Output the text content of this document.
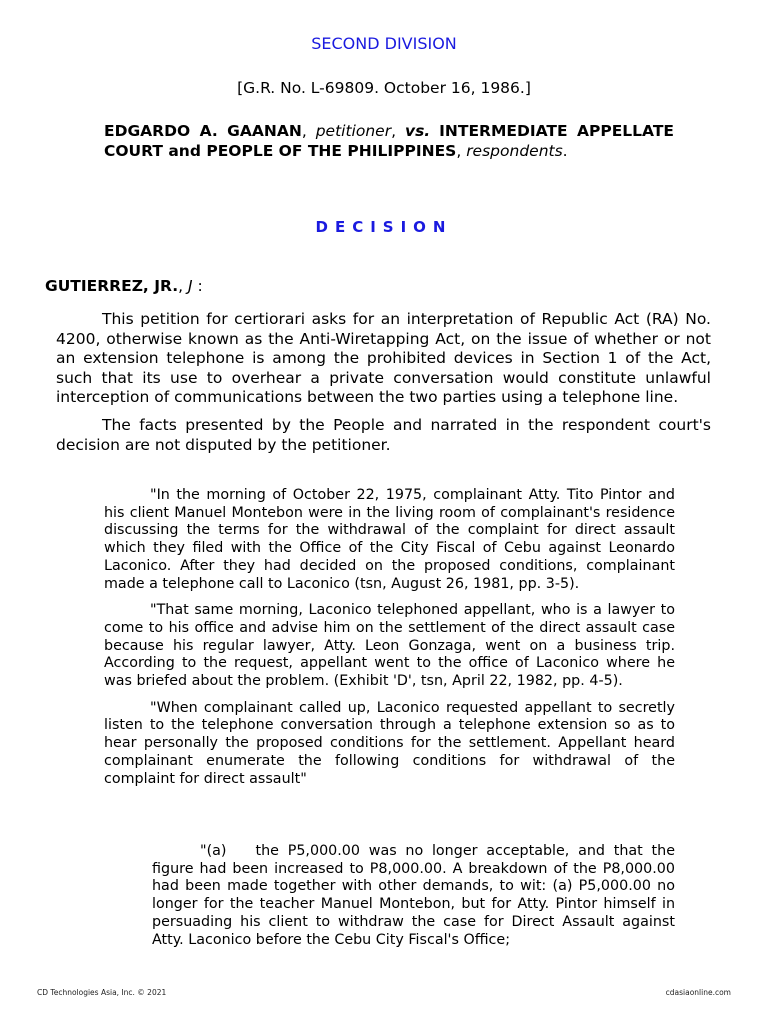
SECOND DIVISION
[G.R. No. L-69809. October 16, 1986.]
EDGARDO A. GAANAN, petitioner, vs. INTERMEDIATE APPELLATE COURT and PEOPLE OF THE PHILIPPINES, respondents.
DECISION
GUTIERREZ, JR., J :

This petition for certiorari asks for an interpretation of Republic Act (RA) No. 4200, otherwise known as the Anti-Wiretapping Act, on the issue of whether or not an extension telephone is among the prohibited devices in Section 1 of the Act, such that its use to overhear a private conversation would constitute unlawful interception of communications between the two parties using a telephone line.

The facts presented by the People and narrated in the respondent court's decision are not disputed by the petitioner.

"In the morning of October 22, 1975, complainant Atty. Tito Pintor and his client Manuel Montebon were in the living room of complainant's residence discussing the terms for the withdrawal of the complaint for direct assault which they filed with the Office of the City Fiscal of Cebu against Leonardo Laconico. After they had decided on the proposed conditions, complainant made a telephone call to Laconico (tsn, August 26, 1981, pp. 3-5).

"That same morning, Laconico telephoned appellant, who is a lawyer to come to his office and advise him on the settlement of the direct assault case because his regular lawyer, Atty. Leon Gonzaga, went on a business trip. According to the request, appellant went to the office of Laconico where he was briefed about the problem. (Exhibit 'D', tsn, April 22, 1982, pp. 4-5).

"When complainant called up, Laconico requested appellant to secretly listen to the telephone conversation through a telephone extension so as to hear personally the proposed conditions for the settlement. Appellant heard complainant enumerate the following conditions for withdrawal of the complaint for direct assault"

"(a) the P5,000.00 was no longer acceptable, and that the figure had been increased to P8,000.00. A breakdown of the P8,000.00 had been made together with other demands, to wit: (a) P5,000.00 no longer for the teacher Manuel Montebon, but for Atty. Pintor himself in persuading his client to withdraw the case for Direct Assault against Atty. Laconico before the Cebu City Fiscal's Office;

CD Technologies Asia, Inc. © 2021	cdasiaonline.com
